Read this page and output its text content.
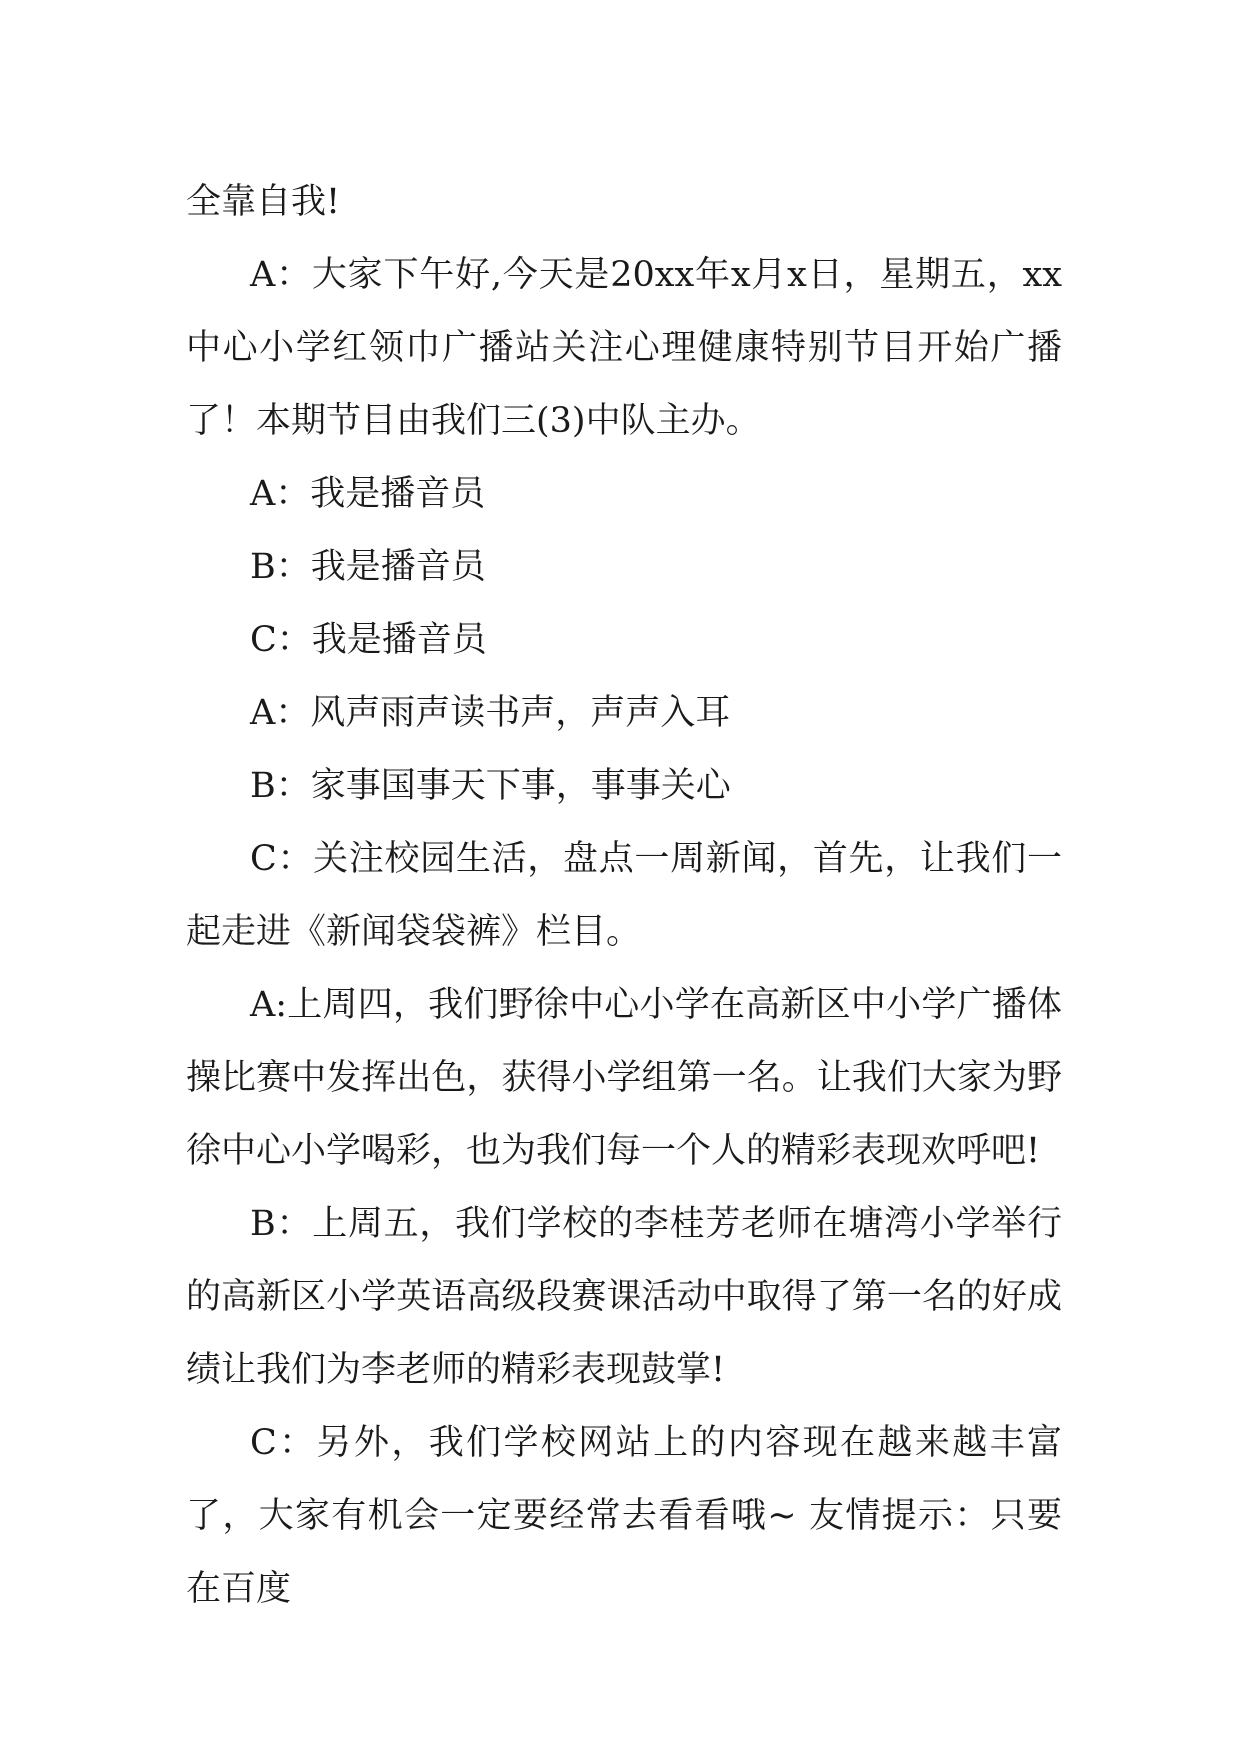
全靠自我!

A：大家下午好,今天是20xx年x月x日，星期五，xx中心小学红领巾广播站关注心理健康特别节目开始广播了！本期节目由我们三(3)中队主办。

A：我是播音员

B：我是播音员

C：我是播音员

A：风声雨声读书声，声声入耳

B：家事国事天下事，事事关心

C：关注校园生活，盘点一周新闻，首先，让我们一起走进《新闻袋袋裤》栏目。

A:上周四，我们野徐中心小学在高新区中小学广播体操比赛中发挥出色，获得小学组第一名。让我们大家为野徐中心小学喝彩，也为我们每一个人的精彩表现欢呼吧!

B：上周五，我们学校的李桂芳老师在塘湾小学举行的高新区小学英语高级段赛课活动中取得了第一名的好成绩让我们为李老师的精彩表现鼓掌!

C：另外，我们学校网站上的内容现在越来越丰富了，大家有机会一定要经常去看看哦~ 友情提示：只要在百度
